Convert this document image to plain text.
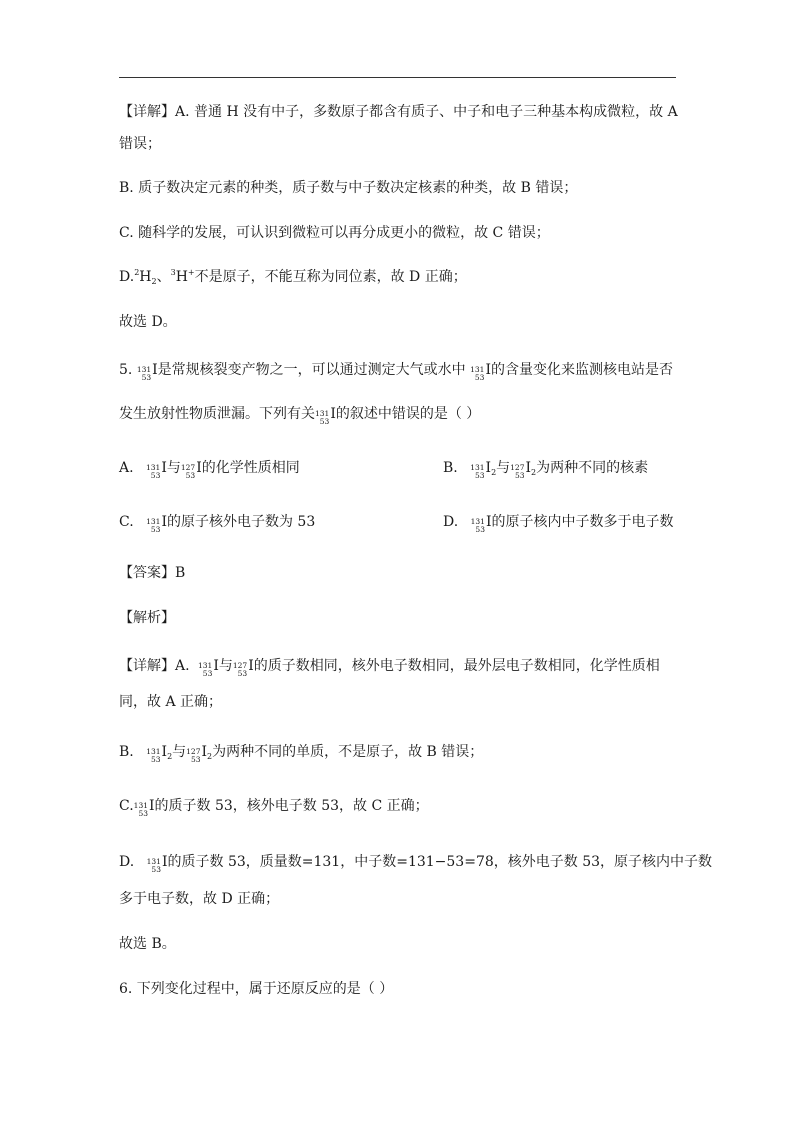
【详解】A. 普通 H 没有中子，多数原子都含有质子、中子和电子三种基本构成微粒，故 A
错误；
B. 质子数决定元素的种类，质子数与中子数决定核素的种类，故 B 错误；
C. 随科学的发展，可认识到微粒可以再分成更小的微粒，故 C 错误；
$D.^2H_2$、$^3$H+不是原子，不能互称为同位素，故 D 正确；
故选 D。
5. 131
53 I是常规核裂变产物之一，可以通过测定大气或水中 131
53 I的含量变化来监测核电站是否
发生放射性物质泄漏。下列有关 131
53 I的叙述中错误的是（ ）
A. 131
53 I与 127
53 I的化学性质相同	B. 131
53 $I_2$与 127
53 $I_2$为两种不同的核素
C. 131
53 I的原子核外电子数为 53	D. 131
53 I的原子核内中子数多于电子数
【答案】B
【解析】
【详解】A. 131
53 I与 127
53 I的质子数相同，核外电子数相同，最外层电子数相同，化学性质相
同，故 A 正确；
B. 131
53 $I_2$与 127
53 $I_2$为两种不同的单质，不是原子，故 B 错误；
C. 131
53 I的质子数 53，核外电子数 53，故 C 正确；
D. 131
53 I的质子数 53，质量数=131，中子数=131−53=78，核外电子数 53，原子核内中子数
多于电子数，故 D 正确；
故选 B。
6. 下列变化过程中，属于还原反应的是（ ）
